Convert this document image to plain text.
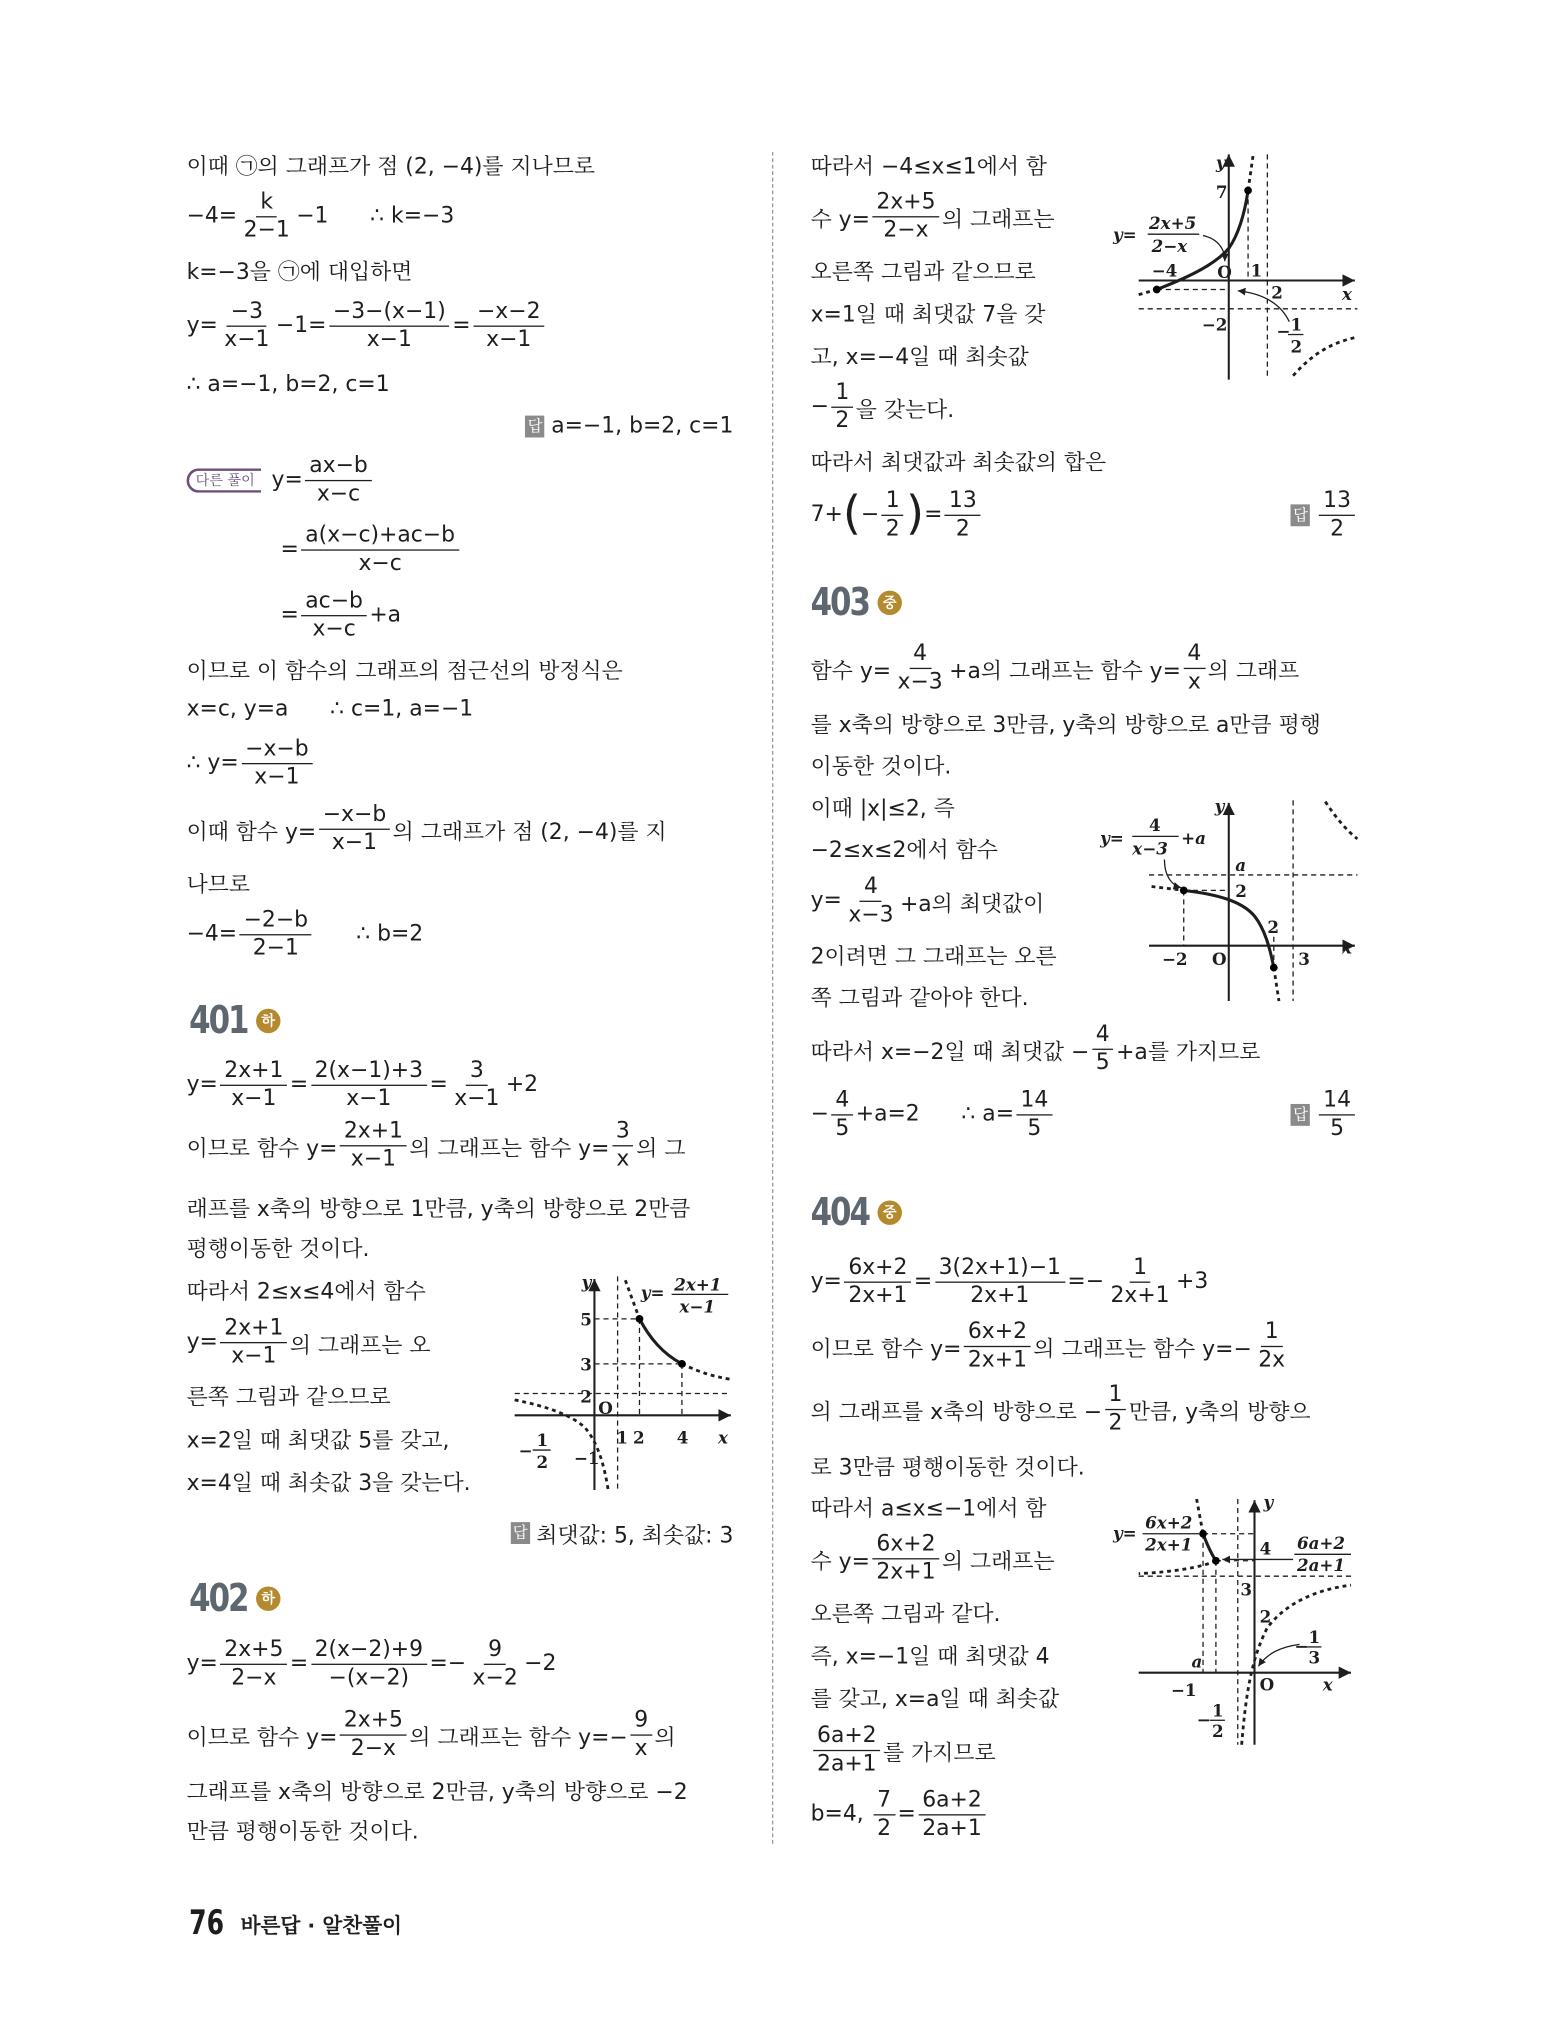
이때 ㉠의 그래프가 점 (2, −4)를 지나므로
$-4= \frac{k}{2-1} -1$      ∴ k=−3
k=−3을 ㉠에 대입하면
$y= \frac{-3}{x-1} -1= \frac{-3-(x-1)}{x-1} = \frac{-x-2}{x-1}$
∴ a=−1, b=2, c=1
답 a=−1, b=2, c=1
다른 풀이 $y= \frac{ax-b}{x-c}$
= $\frac{a(x-c)+ac-b}{x-c}$
= $\frac{ac-b}{x-c} +a$
이므로 이 함수의 그래프의 점근선의 방정식은
x=c, y=a      ∴ c=1, a=−1
∴ $y= \frac{-x-b}{x-1}$
이때 함수 $y= \frac{-x-b}{x-1}$ 의 그래프가 점 (2, −4)를 지
나므로
$-4= \frac{-2-b}{2-1}$ ∴ b=2
$y= \frac{2x+1}{x-1} = \frac{2(x-1)+3}{x-1} = \frac{3}{x-1} +2$
이므로 함수 $y= \frac{2x+1}{x-1}$ 의 그래프는 함수 $y= \frac{3}{x}$ 의 그
래프를 x축의 방향으로 1만큼, y축의 방향으로 2만큼
평행이동한 것이다.
따라서 2≤x≤4에서 함수
$y= \frac{2x+1}{x-1}$ 의 그래프는 오
른쪽 그림과 같으므로
x=2일 때 최댓값 5를 갖고,
x=4일 때 최솟값 3을 갖는다.
답 최댓값: 5, 최솟값: 3
$y= \frac{2x+5}{2-x} = \frac{2(x-2)+9}{-(x-2)} =- \frac{9}{x-2} -2$
이므로 함수 $y= \frac{2x+5}{2-x}$ 의 그래프는 함수 $y=- \frac{9}{x}$ 의
그래프를 x축의 방향으로 2만큼, y축의 방향으로 −2
만큼 평행이동한 것이다.
따라서 −4≤x≤1에서 함
수 $y= \frac{2x+5}{2-x}$ 의 그래프는
오른쪽 그림과 같으므로
x=1일 때 최댓값 7을 갖
고, x=−4일 때 최솟값
− $\frac{1}{2}$ 을 갖는다.
따라서 최댓값과 최솟값의 합은
7+ ( − $\frac{1}{2}$ ) = $\frac{13}{2}$	답 $\frac{13}{2}$
함수 $y= \frac{4}{x-3} +a$의 그래프는 함수 $y= \frac{4}{x}$ 의 그래프
를 x축의 방향으로 3만큼, y축의 방향으로 a만큼 평행
이동한 것이다.
이때 |x|≤2, 즉
−2≤x≤2에서 함수
$y= \frac{4}{x-3} +a$의 최댓값이
2이려면 그 그래프는 오른
쪽 그림과 같아야 한다.
따라서 x=−2일 때 최댓값 − $\frac{4}{5} +a$를 가지므로
− $\frac{4}{5} +a=2$      ∴ $a= \frac{14}{5}$	답 $\frac{14}{5}$
$y= \frac{6x+2}{2x+1} = \frac{3(2x+1)-1}{2x+1} =- \frac{1}{2x+1} +3$
이므로 함수 $y= \frac{6x+2}{2x+1}$ 의 그래프는 함수 $y=- \frac{1}{2x}$
의 그래프를 x축의 방향으로 − $\frac{1}{2}$ 만큼, y축의 방향으
로 3만큼 평행이동한 것이다.
따라서 a≤x≤−1에서 함
수 $y= \frac{6x+2}{2x+1}$ 의 그래프는
오른쪽 그림과 같다.
즉, x=−1일 때 최댓값 4
를 갖고, x=a일 때 최솟값
$\frac{6a+2}{2a+1}$ 를 가지므로
b=4, $\frac{7}{2} = \frac{6a+2}{2a+1}$
401	하
402	하
403	중
404	중
y
x
O
7
1
2
−4
−2
y=
2x+5
2−x
− 1
2
y
x
O
a
2
2
−2	3
y=
4
x−3
+a
y
x
O
4
3
2
a
−1
y=
6x+2
2x+1	6a+2
2a+1
− 1
2
− 1
3
y
x
O
5
3
2
1 2 4
−1
y= 2x+1
x−1
−
1
2
76 바른답 · 알찬풀이
